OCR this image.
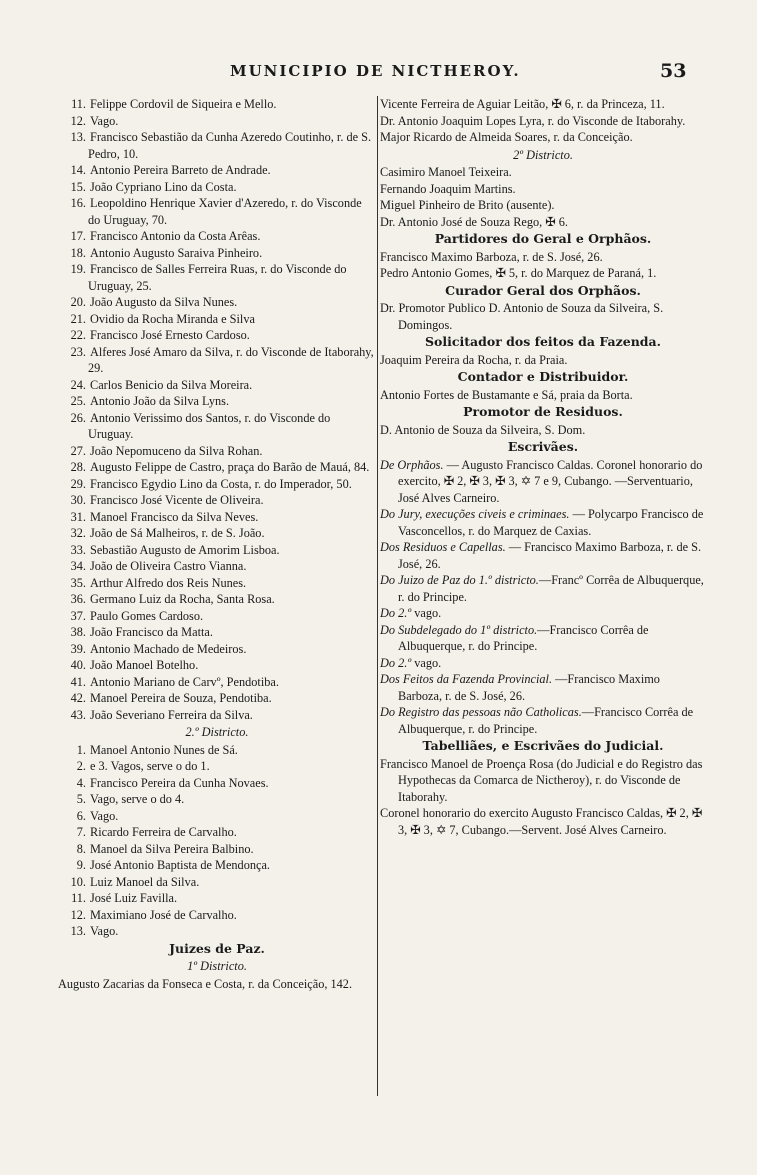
MUNICIPIO DE NICTHEROY.	53

11. Felippe Cordovil de Siqueira e Mello.

12. Vago.

13. Francisco Sebastião da Cunha Azeredo Coutinho, r. de S. Pedro, 10.

14. Antonio Pereira Barreto de Andrade.

15. João Cypriano Lino da Costa.

16. Leopoldino Henrique Xavier d'Azeredo, r. do Visconde do Uruguay, 70.

17. Francisco Antonio da Costa Arêas.

18. Antonio Augusto Saraiva Pinheiro.

19. Francisco de Salles Ferreira Ruas, r. do Visconde do Uruguay, 25.

20. João Augusto da Silva Nunes.

21. Ovidio da Rocha Miranda e Silva

22. Francisco José Ernesto Cardoso.

23. Alferes José Amaro da Silva, r. do Visconde de Itaborahy, 29.

24. Carlos Benicio da Silva Moreira.

25. Antonio João da Silva Lyns.

26. Antonio Verissimo dos Santos, r. do Visconde do Uruguay.

27. João Nepomuceno da Silva Rohan.

28. Augusto Felippe de Castro, praça do Barão de Mauá, 84.

29. Francisco Egydio Lino da Costa, r. do Imperador, 50.

30. Francisco José Vicente de Oliveira.

31. Manoel Francisco da Silva Neves.

32. João de Sá Malheiros, r. de S. João.

33. Sebastião Augusto de Amorim Lisboa.

34. João de Oliveira Castro Vianna.

35. Arthur Alfredo dos Reis Nunes.

36. Germano Luiz da Rocha, Santa Rosa.

37. Paulo Gomes Cardoso.

38. João Francisco da Matta.

39. Antonio Machado de Medeiros.

40. João Manoel Botelho.

41. Antonio Mariano de Carvº, Pendotiba.

42. Manoel Pereira de Souza, Pendotiba.

43. João Severiano Ferreira da Silva.

2.º Districto.

1. Manoel Antonio Nunes de Sá.

2. e 3. Vagos, serve o do 1.

4. Francisco Pereira da Cunha Novaes.

5. Vago, serve o do 4.

6. Vago.

7. Ricardo Ferreira de Carvalho.

8. Manoel da Silva Pereira Balbino.

9. José Antonio Baptista de Mendonça.

10. Luiz Manoel da Silva.

11. José Luiz Favilla.

12. Maximiano José de Carvalho.

13. Vago.

Juizes de Paz.

1º Districto.

Augusto Zacarias da Fonseca e Costa, r. da Conceição, 142.

Vicente Ferreira de Aguiar Leitão, ✠ 6, r. da Princeza, 11.

Dr. Antonio Joaquim Lopes Lyra, r. do Visconde de Itaborahy.

Major Ricardo de Almeida Soares, r. da Conceição.

2º Districto.

Casimiro Manoel Teixeira.

Fernando Joaquim Martins.

Miguel Pinheiro de Brito (ausente).

Dr. Antonio José de Souza Rego, ✠ 6.

Partidores do Geral e Orphãos.

Francisco Maximo Barboza, r. de S. José, 26.

Pedro Antonio Gomes, ✠ 5, r. do Marquez de Paraná, 1.

Curador Geral dos Orphãos.

Dr. Promotor Publico D. Antonio de Souza da Silveira, S. Domingos.

Solicitador dos feitos da Fazenda.

Joaquim Pereira da Rocha, r. da Praia.

Contador e Distribuidor.

Antonio Fortes de Bustamante e Sá, praia da Borta.

Promotor de Residuos.

D. Antonio de Souza da Silveira, S. Dom.

Escrivães.

De Orphãos. — Augusto Francisco Caldas. Coronel honorario do exercito, ✠ 2, ✠ 3, ✠ 3, ✡ 7 e 9, Cubango. —Serventuario, José Alves Carneiro.

Do Jury, execuções civeis e criminaes. — Polycarpo Francisco de Vasconcellos, r. do Marquez de Caxias.

Dos Residuos e Capellas. — Francisco Maximo Barboza, r. de S. José, 26.

Do Juizo de Paz do 1.º districto.—Francº Corrêa de Albuquerque, r. do Principe.

Do 2.º vago.

Do Subdelegado do 1º districto.—Francisco Corrêa de Albuquerque, r. do Principe.

Do 2.º vago.

Dos Feitos da Fazenda Provincial. —Francisco Maximo Barboza, r. de S. José, 26.

Do Registro das pessoas não Catholicas.—Francisco Corrêa de Albuquerque, r. do Principe.

Tabelliães, e Escrivães do Judicial.

Francisco Manoel de Proença Rosa (do Judicial e do Registro das Hypothecas da Comarca de Nictheroy), r. do Visconde de Itaborahy.

Coronel honorario do exercito Augusto Francisco Caldas, ✠ 2, ✠ 3, ✠ 3, ✡ 7, Cubango.—Servent. José Alves Carneiro.
